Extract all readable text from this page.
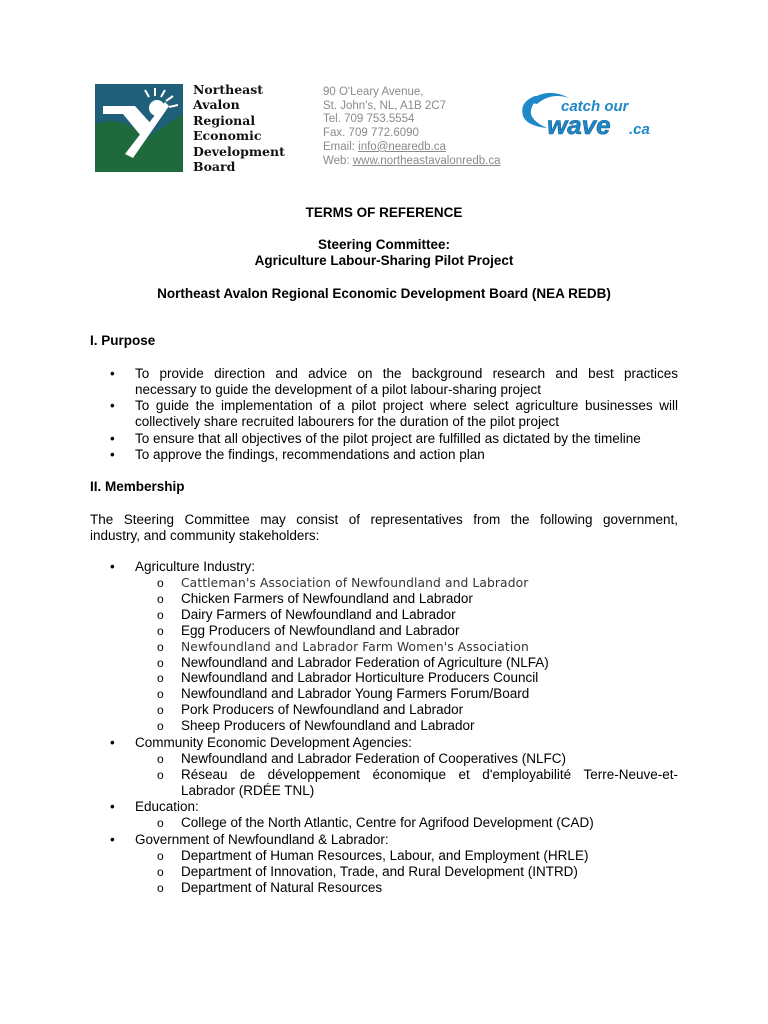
Northeast
Avalon
Regional
Economic
Development
Board
90 O'Leary Avenue,
St. John's, NL, A1B 2C7
Tel. 709 753.5554
Fax. 709 772.6090
Email: info@nearedb.ca
Web: www.northeastavalonredb.ca
catch our
wave .ca
TERMS OF REFERENCE
Steering Committee:
Agriculture Labour-Sharing Pilot Project
Northeast Avalon Regional Economic Development Board (NEA REDB)
I. Purpose
•	To provide direction and advice on the background research and best practices
necessary to guide the development of a pilot labour-sharing project
•	To guide the implementation of a pilot project where select agriculture businesses will
collectively share recruited labourers for the duration of the pilot project
•	To ensure that all objectives of the pilot project are fulfilled as dictated by the timeline
•	To approve the findings, recommendations and action plan
II. Membership
The Steering Committee may consist of representatives from the following government,
industry, and community stakeholders:
•	Agriculture Industry:
o Cattleman's Association of Newfoundland and Labrador
o Chicken Farmers of Newfoundland and Labrador
o Dairy Farmers of Newfoundland and Labrador
o Egg Producers of Newfoundland and Labrador
o Newfoundland and Labrador Farm Women's Association
o Newfoundland and Labrador Federation of Agriculture (NLFA)
o Newfoundland and Labrador Horticulture Producers Council
o Newfoundland and Labrador Young Farmers Forum/Board
o Pork Producers of Newfoundland and Labrador
o Sheep Producers of Newfoundland and Labrador
•	Community Economic Development Agencies:
o Newfoundland and Labrador Federation of Cooperatives (NLFC)
o Réseau de développement économique et d'employabilité Terre-Neuve-et-
Labrador (RDÉE TNL)
•	Education:
o College of the North Atlantic, Centre for Agrifood Development (CAD)
•	Government of Newfoundland & Labrador:
o Department of Human Resources, Labour, and Employment (HRLE)
o Department of Innovation, Trade, and Rural Development (INTRD)
o Department of Natural Resources
